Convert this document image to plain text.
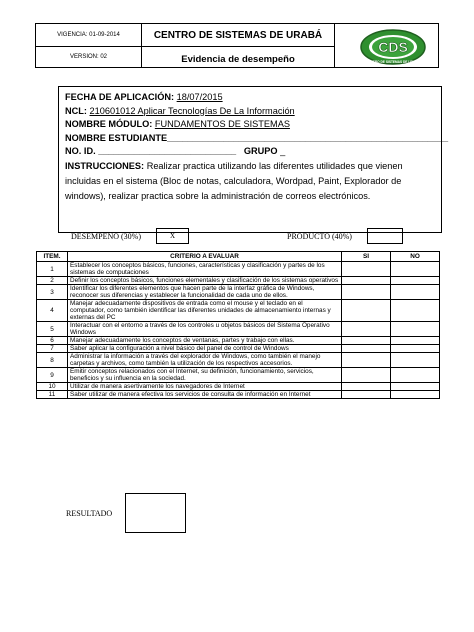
VIGENCIA: 01-09-2014
VERSION: 02
CENTRO DE SISTEMAS DE URABÁ
Evidencia de desempeño
CDS
CENTRO DE SISTEMAS DE URABÁ
FECHA DE APLICACIÓN: 18/07/2015
NCL: 210601012 Aplicar Tecnologías De La Información
NOMBRE MÓDULO: FUNDAMENTOS DE SISTEMAS
NOMBRE ESTUDIANTE_______________________________________________________
NO. ID. ___________________________ GRUPO _
INSTRUCCIONES: Realizar practica utilizando las diferentes utilidades que vienen incluidas en el sistema (Bloc de notas, calculadora, Wordpad, Paint, Explorador de windows), realizar practica sobre la administración de correos electrónicos.
DESEMPEÑO (30%)	X	PRODUCTO (40%)
ITEM.	CRITERIO A EVALUAR	SI	NO
1	Establecer los conceptos básicos, funciones, características y clasificación y partes de los sistemas de computaciones		
2	Definir los conceptos básicos, funciones elementales y clasificación de los sistemas operativos		
3	Identificar los diferentes elementos que hacen parte de la interfaz gráfica de Windows, reconocer sus diferencias y establecer la funcionalidad de cada uno de ellos.		
4	Manejar adecuadamente dispositivos de entrada como el mouse y el teclado en el computador, como también identificar las diferentes unidades de almacenamiento internas y externas del PC		
5	Interactuar con el entorno a través de los controles u objetos básicos del Sistema Operativo Windows		
6	Manejar adecuadamente los conceptos de ventanas, partes y trabajo con ellas.		
7	Saber aplicar la configuración a nivel básico del panel de control de Windows		
8	Administrar la información a través del explorador de Windows, como también el manejo carpetas y archivos, como también la utilización de los respectivos accesorios.		
9	Emitir conceptos relacionados con el Internet, su definición, funcionamiento, servicios, beneficios y su influencia en la sociedad.		
10	Utilizar de manera asertivamente los navegadores de Internet		
11	Saber utilizar de manera efectiva los servicios de consulta de información en Internet		
RESULTADO
